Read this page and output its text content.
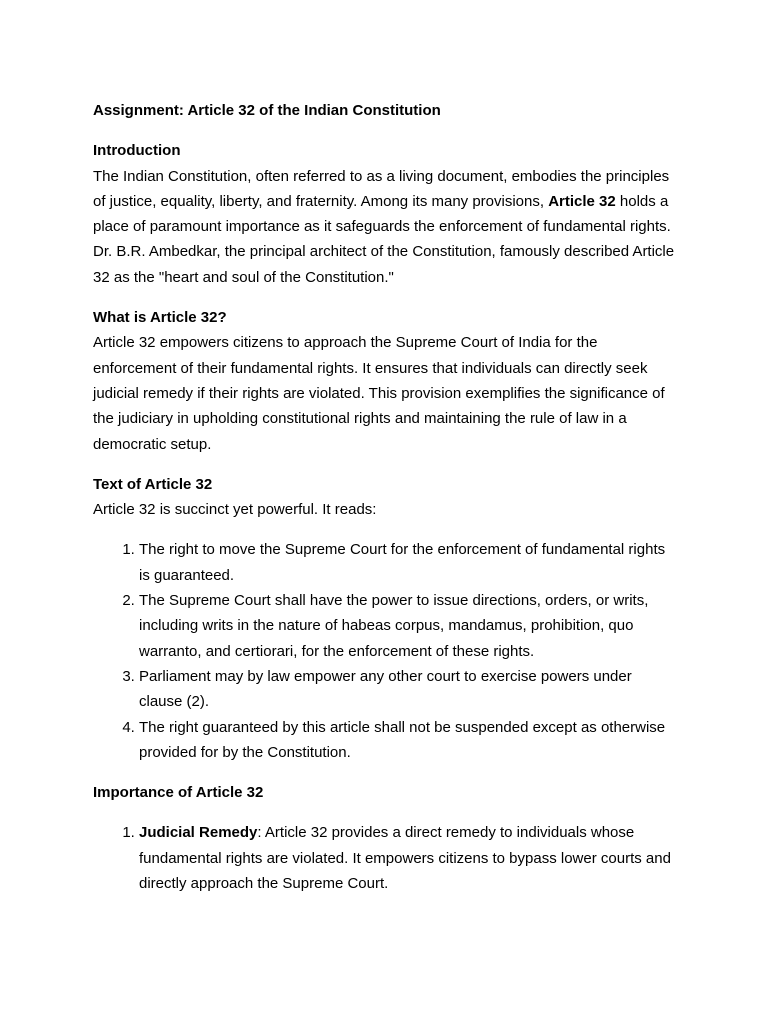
Assignment: Article 32 of the Indian Constitution

Introduction

The Indian Constitution, often referred to as a living document, embodies the principles of justice, equality, liberty, and fraternity. Among its many provisions, Article 32 holds a place of paramount importance as it safeguards the enforcement of fundamental rights. Dr. B.R. Ambedkar, the principal architect of the Constitution, famously described Article 32 as the "heart and soul of the Constitution."

What is Article 32?

Article 32 empowers citizens to approach the Supreme Court of India for the enforcement of their fundamental rights. It ensures that individuals can directly seek judicial remedy if their rights are violated. This provision exemplifies the significance of the judiciary in upholding constitutional rights and maintaining the rule of law in a democratic setup.

Text of Article 32

Article 32 is succinct yet powerful. It reads:

1. The right to move the Supreme Court for the enforcement of fundamental rights is guaranteed.
2. The Supreme Court shall have the power to issue directions, orders, or writs, including writs in the nature of habeas corpus, mandamus, prohibition, quo warranto, and certiorari, for the enforcement of these rights.
3. Parliament may by law empower any other court to exercise powers under clause (2).
4. The right guaranteed by this article shall not be suspended except as otherwise provided for by the Constitution.

Importance of Article 32

1. Judicial Remedy: Article 32 provides a direct remedy to individuals whose fundamental rights are violated. It empowers citizens to bypass lower courts and directly approach the Supreme Court.
